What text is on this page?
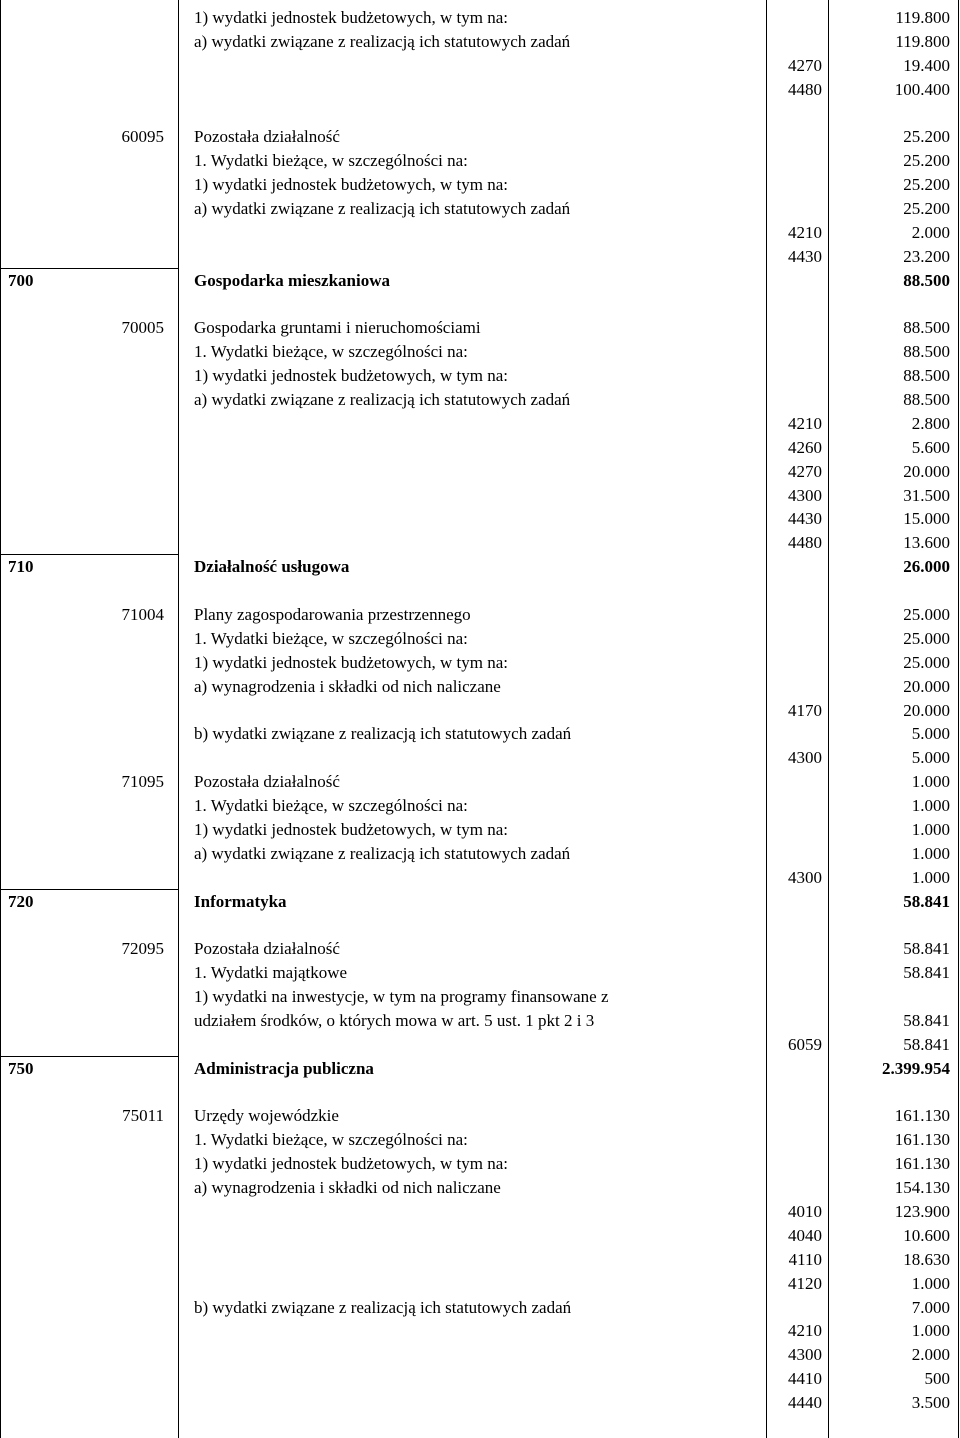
1) wydatki jednostek budżetowych, w tym na:	119.800
a) wydatki związane z realizacją ich statutowych zadań	119.800
4270	19.400
4480	100.400
60095 Pozostała działalność	25.200
1. Wydatki bieżące, w szczególności na:	25.200
1) wydatki jednostek budżetowych, w tym na:	25.200
a) wydatki związane z realizacją ich statutowych zadań	25.200
4210	2.000
4430	23.200
700	Gospodarka mieszkaniowa	88.500
70005 Gospodarka gruntami i nieruchomościami	88.500
1. Wydatki bieżące, w szczególności na:	88.500
1) wydatki jednostek budżetowych, w tym na:	88.500
a) wydatki związane z realizacją ich statutowych zadań	88.500
4210	2.800
4260	5.600
4270	20.000
4300	31.500
4430	15.000
4480	13.600
710	Działalność usługowa	26.000
71004 Plany zagospodarowania przestrzennego	25.000
1. Wydatki bieżące, w szczególności na:	25.000
1) wydatki jednostek budżetowych, w tym na:	25.000
a) wynagrodzenia i składki od nich naliczane	20.000
4170	20.000
b) wydatki związane z realizacją ich statutowych zadań	5.000
4300	5.000
71095 Pozostała działalność	1.000
1. Wydatki bieżące, w szczególności na:	1.000
1) wydatki jednostek budżetowych, w tym na:	1.000
a) wydatki związane z realizacją ich statutowych zadań	1.000
4300	1.000
720	Informatyka	58.841
72095 Pozostała działalność	58.841
1. Wydatki majątkowe	58.841
1) wydatki na inwestycje, w tym na programy finansowane z
udziałem środków, o których mowa w art. 5 ust. 1 pkt 2 i 3	58.841
6059	58.841
750	Administracja publiczna	2.399.954
75011 Urzędy wojewódzkie	161.130
1. Wydatki bieżące, w szczególności na:	161.130
1) wydatki jednostek budżetowych, w tym na:	161.130
a) wynagrodzenia i składki od nich naliczane	154.130
4010	123.900
4040	10.600
4110	18.630
4120	1.000
b) wydatki związane z realizacją ich statutowych zadań	7.000
4210	1.000
4300	2.000
4410	500
4440	3.500
